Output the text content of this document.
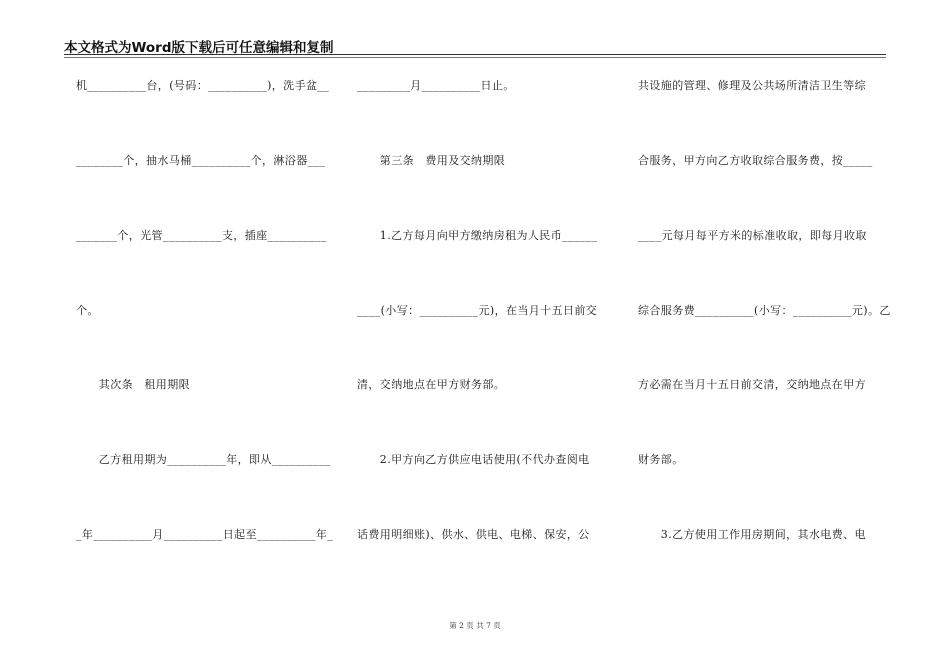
本文格式为Word版下载后可任意编辑和复制
机__________台，(号码：__________)，洗手盆__
________个，抽水马桶__________个，淋浴器___
_______个，光管__________支，插座__________
个。
　　其次条　租用期限
　　乙方租用期为__________年，即从__________
_年__________月__________日起至__________年_
_________月__________日止。
　　第三条　费用及交纳期限
　　1.乙方每月向甲方缴纳房租为人民币______
____(小写：__________元)，在当月十五日前交
清，交纳地点在甲方财务部。
　　2.甲方向乙方供应电话使用(不代办查阅电
话费用明细账)、供水、供电、电梯、保安，公
共设施的管理、修理及公共场所清洁卫生等综
合服务，甲方向乙方收取综合服务费，按_____
____元每月每平方米的标准收取，即每月收取
综合服务费__________(小写：__________元)。乙
方必需在当月十五日前交清，交纳地点在甲方
财务部。
　　3.乙方使用工作用房期间，其水电费、电
第 2 页 共 7 页
